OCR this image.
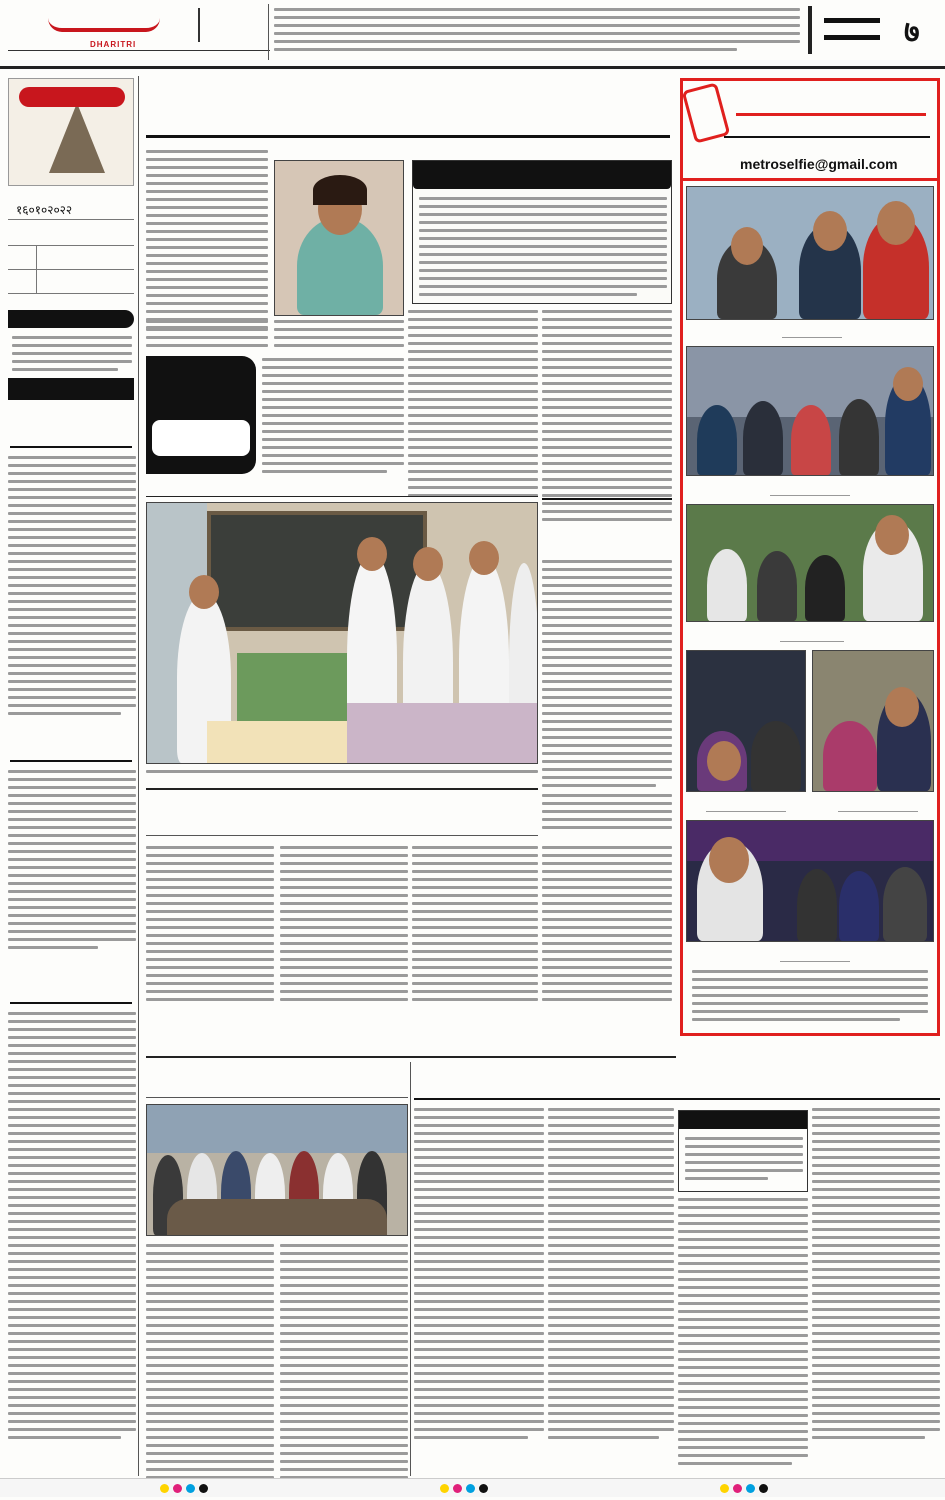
DHARITRI	७
१६०१०२०२२
metroselfie@gmail.com
